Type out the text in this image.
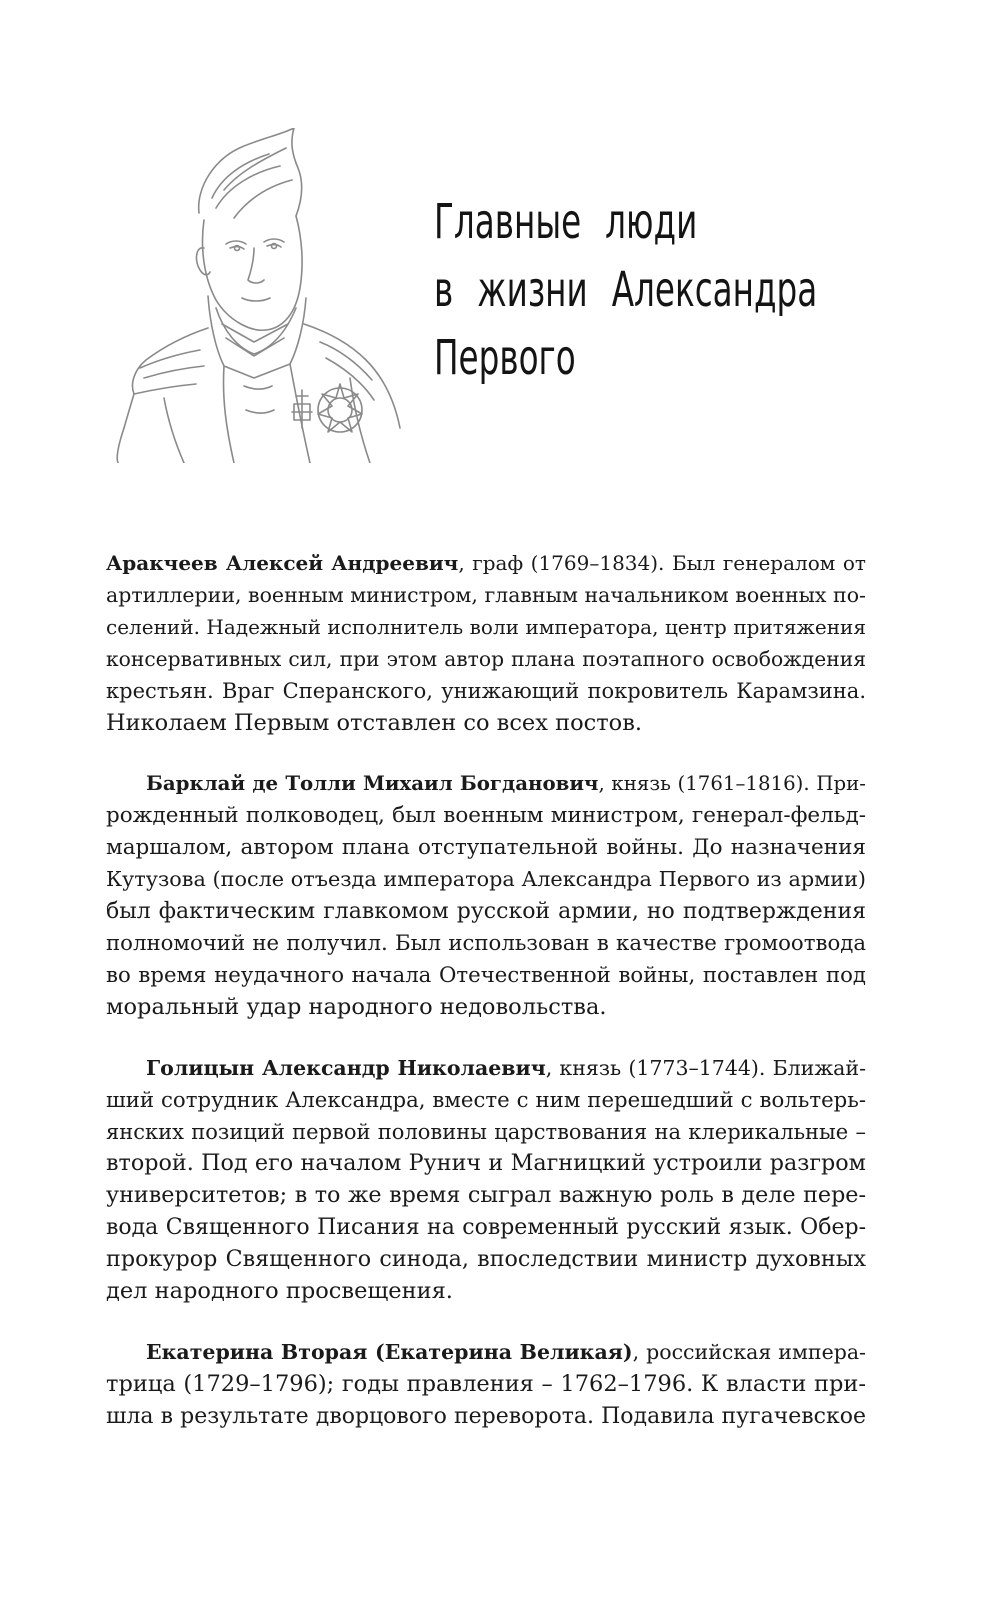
Главные люди
в жизни Александра
Первого

Аракчеев Алексей Андреевич, граф (1769–1834). Был генералом от
артиллерии, военным министром, главным начальником военных по-
селений. Надежный исполнитель воли императора, центр притяжения
консервативных сил, при этом автор плана поэтапного освобождения
крестьян. Враг Сперанского, унижающий покровитель Карамзина.
Николаем Первым отставлен со всех постов.

Барклай де Толли Михаил Богданович, князь (1761–1816). При-
рожденный полководец, был военным министром, генерал-фельд-
маршалом, автором плана отступательной войны. До назначения
Кутузова (после отъезда императора Александра Первого из армии)
был фактическим главкомом русской армии, но подтверждения
полномочий не получил. Был использован в качестве громоотвода
во время неудачного начала Отечественной войны, поставлен под
моральный удар народного недовольства.

Голицын Александр Николаевич, князь (1773–1744). Ближай-
ший сотрудник Александра, вместе с ним перешедший с вольтерь-
янских позиций первой половины царствования на клерикальные –
второй. Под его началом Рунич и Магницкий устроили разгром
университетов; в то же время сыграл важную роль в деле пере-
вода Священного Писания на современный русский язык. Обер-
прокурор Священного синода, впоследствии министр духовных
дел народного просвещения.

Екатерина Вторая (Екатерина Великая), российская импера-
трица (1729–1796); годы правления – 1762–1796. К власти при-
шла в результате дворцового переворота. Подавила пугачевское
